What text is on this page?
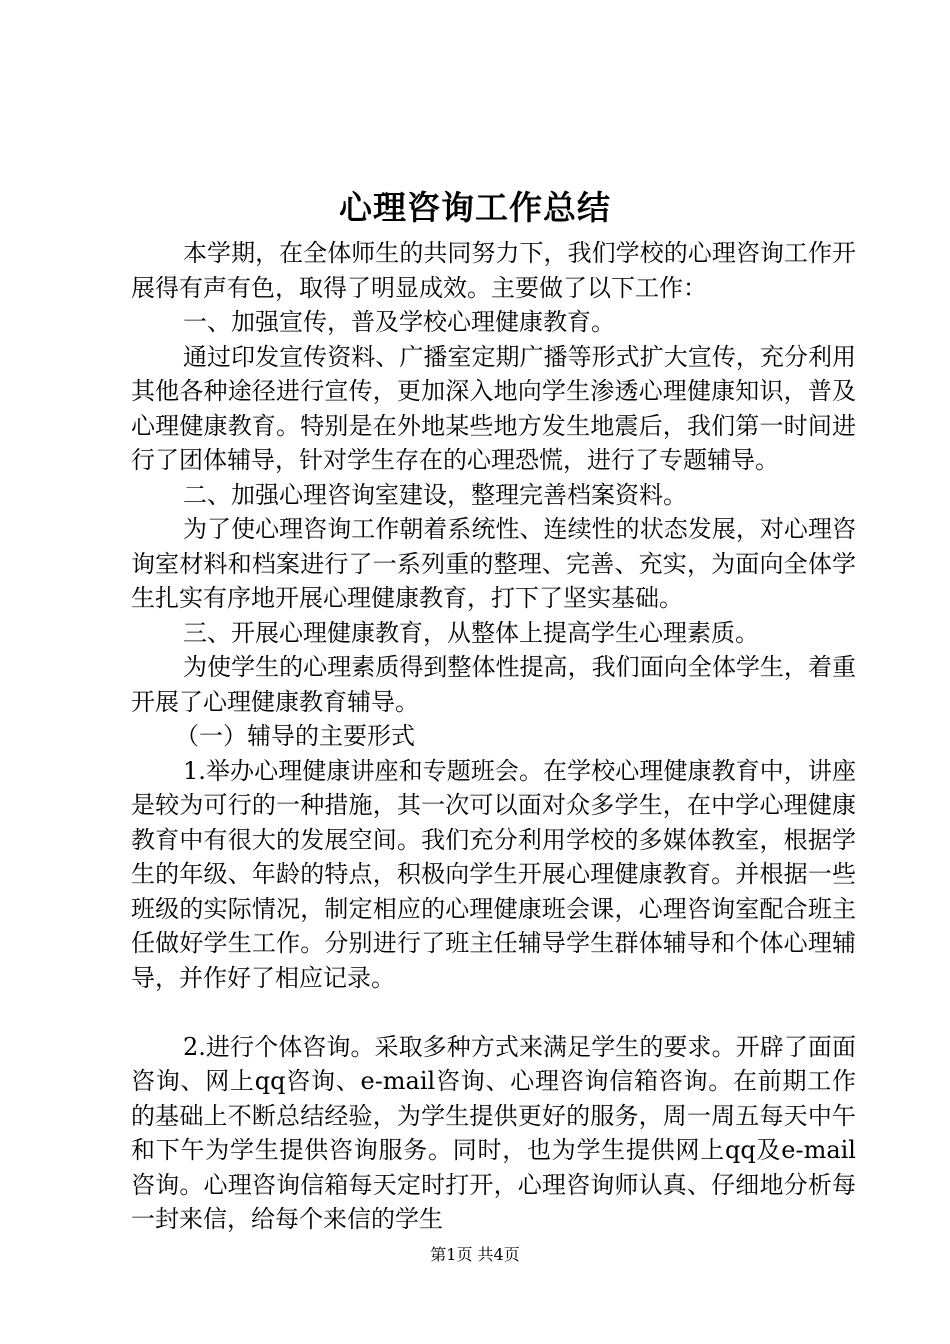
心理咨询工作总结

本学期，在全体师生的共同努力下，我们学校的心理咨询工作开展得有声有色，取得了明显成效。主要做了以下工作：

一、加强宣传，普及学校心理健康教育。

通过印发宣传资料、广播室定期广播等形式扩大宣传，充分利用其他各种途径进行宣传，更加深入地向学生渗透心理健康知识，普及心理健康教育。特别是在外地某些地方发生地震后，我们第一时间进行了团体辅导，针对学生存在的心理恐慌，进行了专题辅导。

二、加强心理咨询室建设，整理完善档案资料。

为了使心理咨询工作朝着系统性、连续性的状态发展，对心理咨询室材料和档案进行了一系列重的整理、完善、充实，为面向全体学生扎实有序地开展心理健康教育，打下了坚实基础。

三、开展心理健康教育，从整体上提高学生心理素质。

为使学生的心理素质得到整体性提高，我们面向全体学生，着重开展了心理健康教育辅导。

（一）辅导的主要形式

1.举办心理健康讲座和专题班会。在学校心理健康教育中，讲座是较为可行的一种措施，其一次可以面对众多学生，在中学心理健康教育中有很大的发展空间。我们充分利用学校的多媒体教室，根据学生的年级、年龄的特点，积极向学生开展心理健康教育。并根据一些班级的实际情况，制定相应的心理健康班会课，心理咨询室配合班主任做好学生工作。分别进行了班主任辅导学生群体辅导和个体心理辅导，并作好了相应记录。

2.进行个体咨询。采取多种方式来满足学生的要求。开辟了面面咨询、网上qq咨询、e-mail咨询、心理咨询信箱咨询。在前期工作的基础上不断总结经验，为学生提供更好的服务，周一周五每天中午和下午为学生提供咨询服务。同时，也为学生提供网上qq及e-mail咨询。心理咨询信箱每天定时打开，心理咨询师认真、仔细地分析每一封来信，给每个来信的学生

第1页 共4页
